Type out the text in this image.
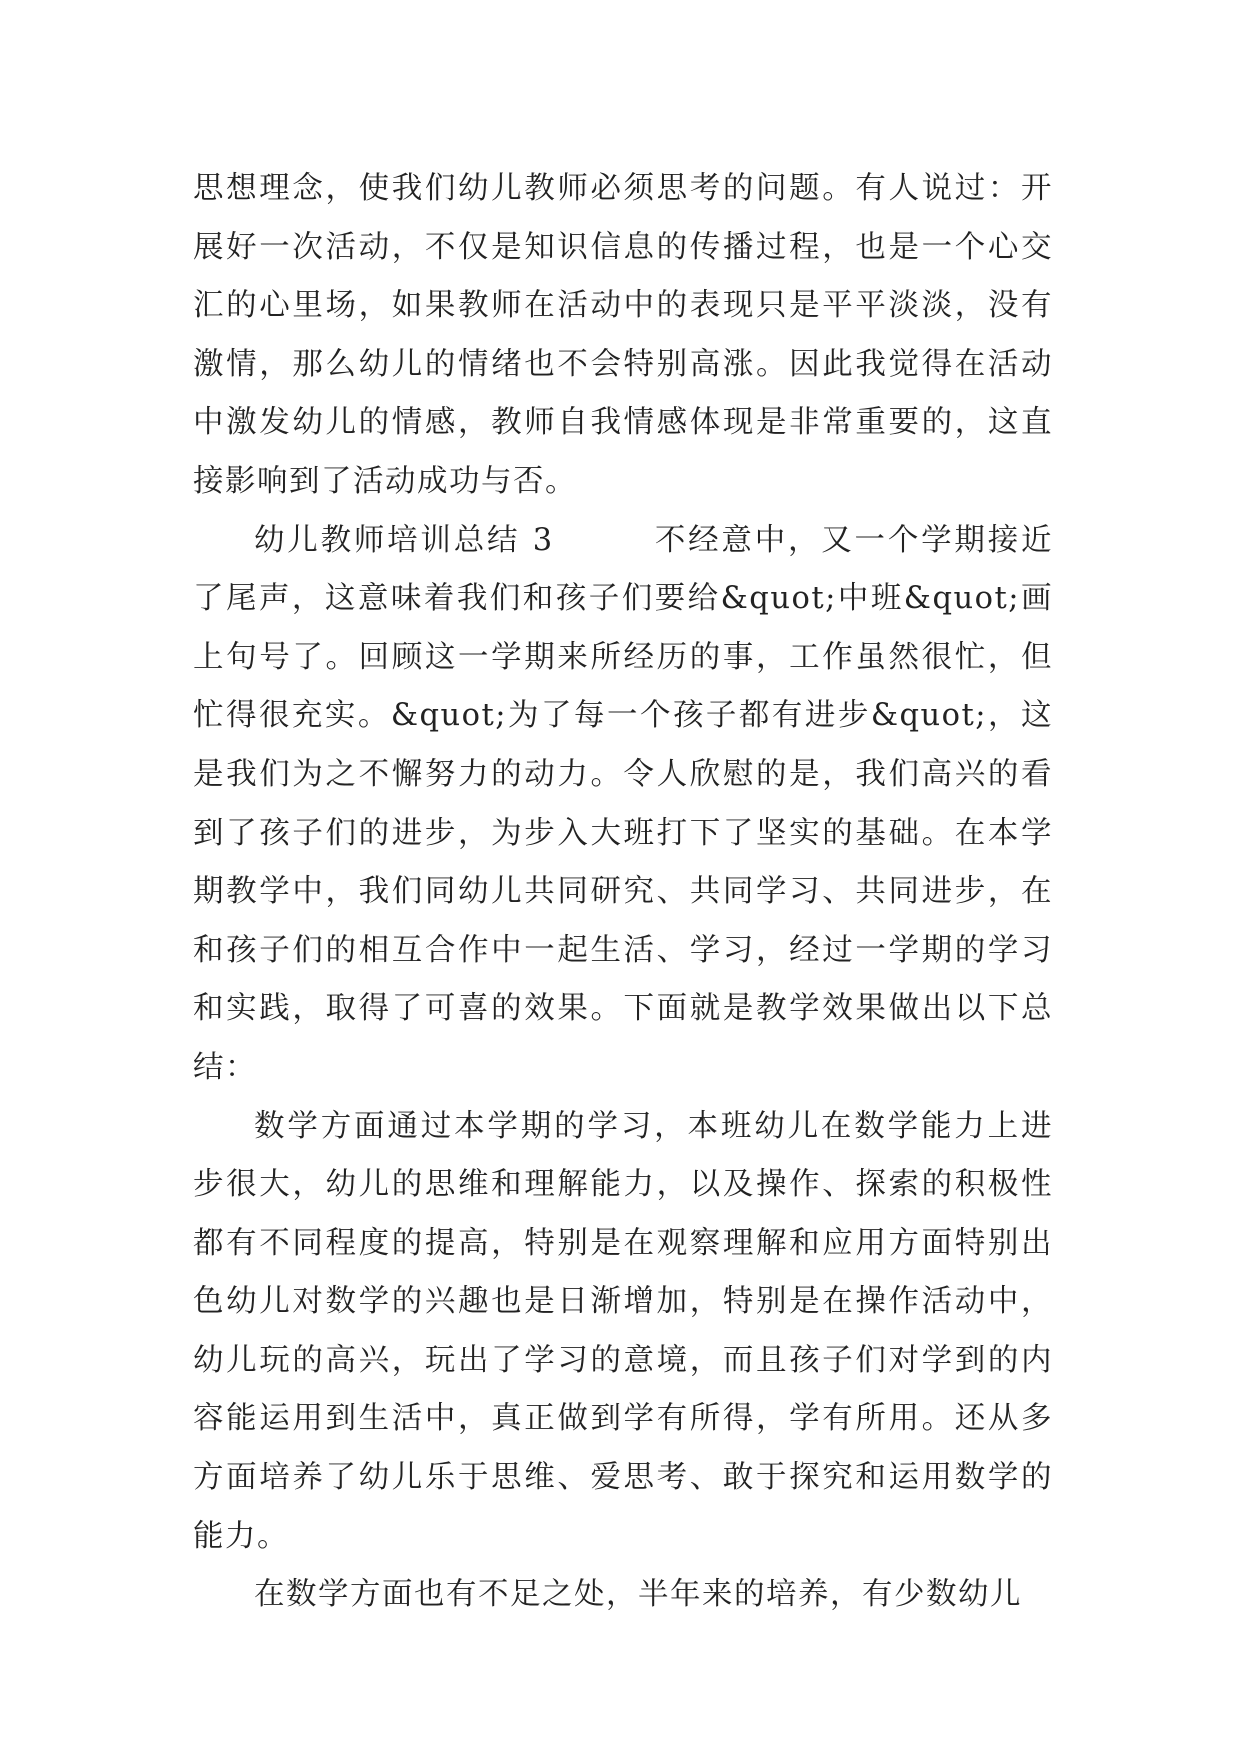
思想理念，使我们幼儿教师必须思考的问题。有人说过：开展好一次活动，不仅是知识信息的传播过程，也是一个心交汇的心里场，如果教师在活动中的表现只是平平淡淡，没有激情，那么幼儿的情绪也不会特别高涨。因此我觉得在活动中激发幼儿的情感，教师自我情感体现是非常重要的，这直接影响到了活动成功与否。

幼儿教师培训总结 3　　　不经意中，又一个学期接近了尾声，这意味着我们和孩子们要给&quot;中班&quot;画上句号了。回顾这一学期来所经历的事，工作虽然很忙，但忙得很充实。&quot;为了每一个孩子都有进步&quot;，这是我们为之不懈努力的动力。令人欣慰的是，我们高兴的看到了孩子们的进步，为步入大班打下了坚实的基础。在本学期教学中，我们同幼儿共同研究、共同学习、共同进步，在和孩子们的相互合作中一起生活、学习，经过一学期的学习和实践，取得了可喜的效果。下面就是教学效果做出以下总结：

数学方面通过本学期的学习，本班幼儿在数学能力上进步很大，幼儿的思维和理解能力，以及操作、探索的积极性都有不同程度的提高，特别是在观察理解和应用方面特别出色幼儿对数学的兴趣也是日渐增加，特别是在操作活动中，幼儿玩的高兴，玩出了学习的意境，而且孩子们对学到的内容能运用到生活中，真正做到学有所得，学有所用。还从多方面培养了幼儿乐于思维、爱思考、敢于探究和运用数学的能力。

在数学方面也有不足之处，半年来的培养，有少数幼儿
